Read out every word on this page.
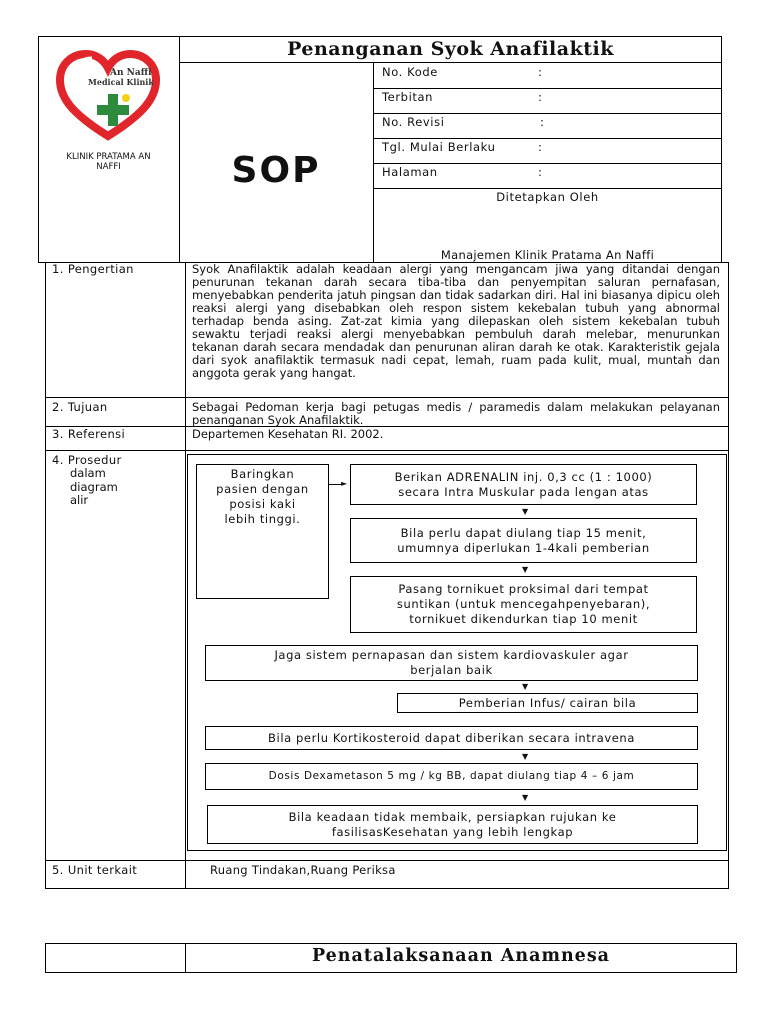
An Naffi
Medical Klinik
KLINIK PRATAMA AN
NAFFI
Penanganan Syok Anafilaktik
SOP
No. Kode	:
Terbitan	:
No. Revisi	:
Tgl. Mulai Berlaku	:
Halaman	:
Ditetapkan Oleh
Manajemen Klinik Pratama An Naffi
1. Pengertian	Syok Anafilaktik adalah keadaan alergi yang mengancam jiwa yang ditandai dengan penurunan tekanan darah secara tiba-tiba dan penyempitan saluran pernafasan, menyebabkan penderita jatuh pingsan dan tidak sadarkan diri. Hal ini biasanya dipicu oleh reaksi alergi yang disebabkan oleh respon sistem kekebalan tubuh yang abnormal terhadap benda asing. Zat-zat kimia yang dilepaskan oleh sistem kekebalan tubuh sewaktu terjadi reaksi alergi menyebabkan pembuluh darah melebar, menurunkan tekanan darah secara mendadak dan penurunan aliran darah ke otak. Karakteristik gejala dari syok anafilaktik termasuk nadi cepat, lemah, ruam pada kulit, mual, muntah dan anggota gerak yang hangat.
2. Tujuan	Sebagai Pedoman kerja bagi petugas medis / paramedis dalam melakukan pelayanan penanganan Syok Anafilaktik.
3. Referensi	Departemen Kesehatan RI. 2002.
4. Prosedur
dalam
diagram
alir
Baringkan
pasien dengan
posisi kaki
lebih tinggi.
►	Berikan ADRENALIN inj. 0,3 cc (1 : 1000)
secara Intra Muskular pada lengan atas
▼
Bila perlu dapat diulang tiap 15 menit,
umumnya diperlukan 1-4kali pemberian
▼
Pasang tornikuet proksimal dari tempat
suntikan (untuk mencegahpenyebaran),
tornikuet dikendurkan tiap 10 menit
Jaga sistem pernapasan dan sistem kardiovaskuler agar
berjalan baik
▼
Pemberian Infus/ cairan bila
Bila perlu Kortikosteroid dapat diberikan secara intravena
▼
Dosis Dexametason 5 mg / kg BB, dapat diulang tiap 4 – 6 jam
▼
Bila keadaan tidak membaik, persiapkan rujukan ke
fasilisasKesehatan yang lebih lengkap
5. Unit terkait	Ruang Tindakan,Ruang Periksa
Penatalaksanaan Anamnesa
